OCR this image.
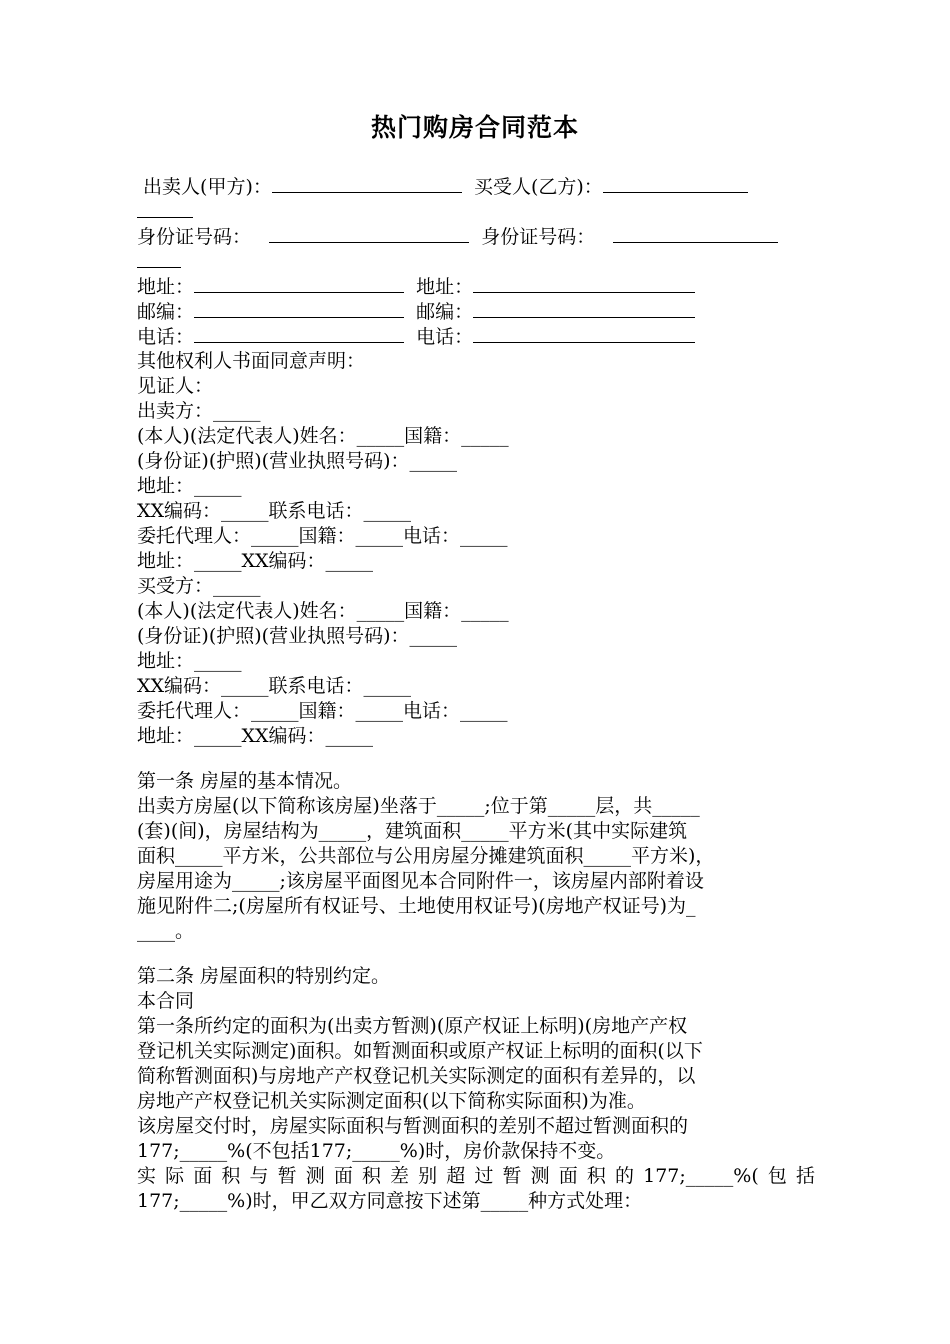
热门购房合同范本
出卖人(甲方)：	买受人(乙方)：
身份证号码：	身份证号码：
地址：	地址：
邮编：	邮编：
电话：	电话：
其他权利人书面同意声明：
见证人：
出卖方：_____
(本人)(法定代表人)姓名：_____国籍：_____
(身份证)(护照)(营业执照号码)：_____
地址：_____
XX编码：_____联系电话：_____
委托代理人：_____国籍：_____电话：_____
地址：_____XX编码：_____
买受方：_____
(本人)(法定代表人)姓名：_____国籍：_____
(身份证)(护照)(营业执照号码)：_____
地址：_____
XX编码：_____联系电话：_____
委托代理人：_____国籍：_____电话：_____
地址：_____XX编码：_____
第一条 房屋的基本情况。
出卖方房屋(以下简称该房屋)坐落于_____;位于第_____层，共_____
(套)(间)，房屋结构为_____，建筑面积_____平方米(其中实际建筑
面积_____平方米，公共部位与公用房屋分摊建筑面积_____平方米)，
房屋用途为_____;该房屋平面图见本合同附件一，该房屋内部附着设
施见附件二;(房屋所有权证号、土地使用权证号)(房地产权证号)为_
____。
第二条 房屋面积的特别约定。
本合同
第一条所约定的面积为(出卖方暂测)(原产权证上标明)(房地产产权
登记机关实际测定)面积。如暂测面积或原产权证上标明的面积(以下
简称暂测面积)与房地产产权登记机关实际测定的面积有差异的，以
房地产产权登记机关实际测定面积(以下简称实际面积)为准。
该房屋交付时，房屋实际面积与暂测面积的差别不超过暂测面积的
177;_____%(不包括177;_____%)时，房价款保持不变。
实际面积与暂测面积差别超过暂测面积的177;_____%(包括
177;_____%)时，甲乙双方同意按下述第_____种方式处理：
